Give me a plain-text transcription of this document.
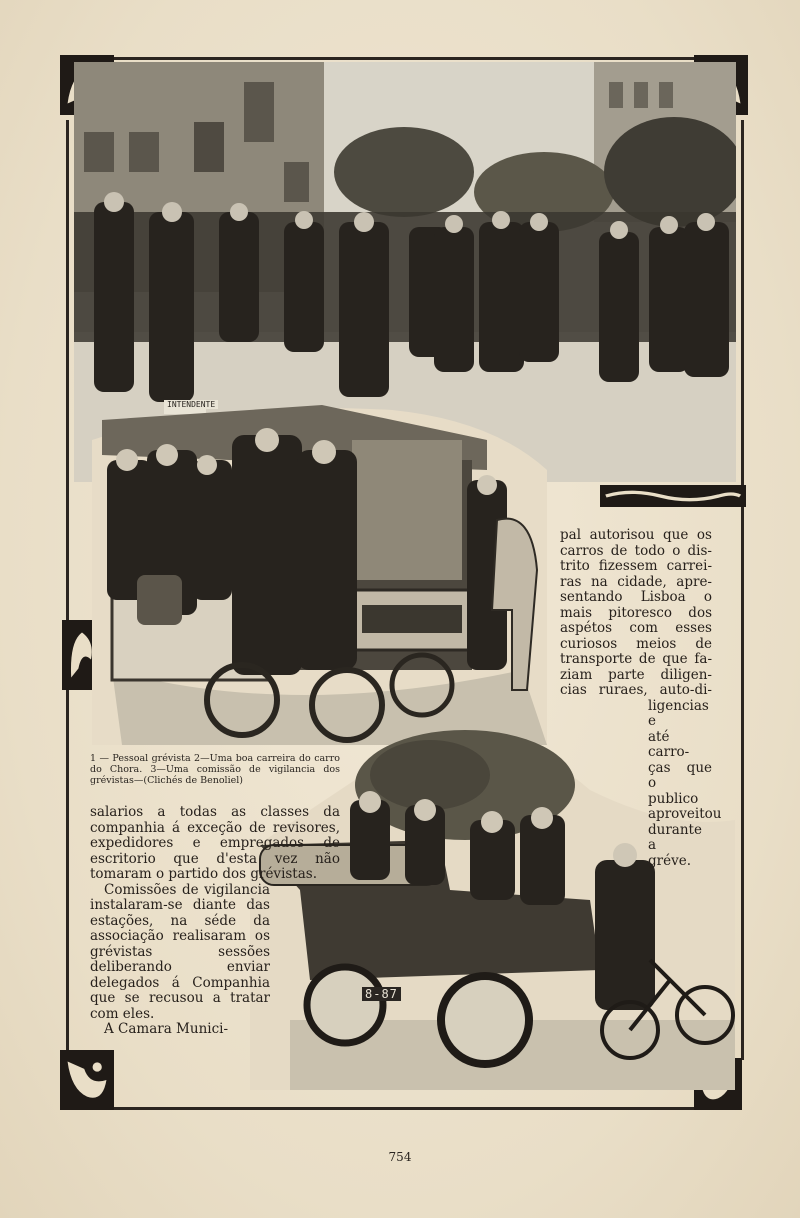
INTENDENTE
8-87
1 — Pessoal grévista 2—Uma boa carreira do carro do Chora. 3—Uma comissão de vigilancia dos grévistas—(Clichés de Benoliel)

pal autorisou que os

carros de todo o dis-

trito fizessem carrei-

ras na cidade, apre-

sentando Lisboa o

mais pitoresco dos

aspétos com esses

curiosos meios de

transporte de que fa-

ziam parte diligen-

cias ruraes, auto-di-

ligencias e

até carro-

ças que o

publico

aproveitou

durante a

gréve.

salarios a todas as classes da companhia á exceção de revisores, expedidores e empregados de escritorio que d'esta vez não tomaram o partido dos grévistas.

Comissões de vigilancia instalaram-se diante das estações, na séde da associação realisaram os grévistas sessões deliberando enviar delegados á Companhia que se recusou a tratar com eles.

A Camara Munici-

754
